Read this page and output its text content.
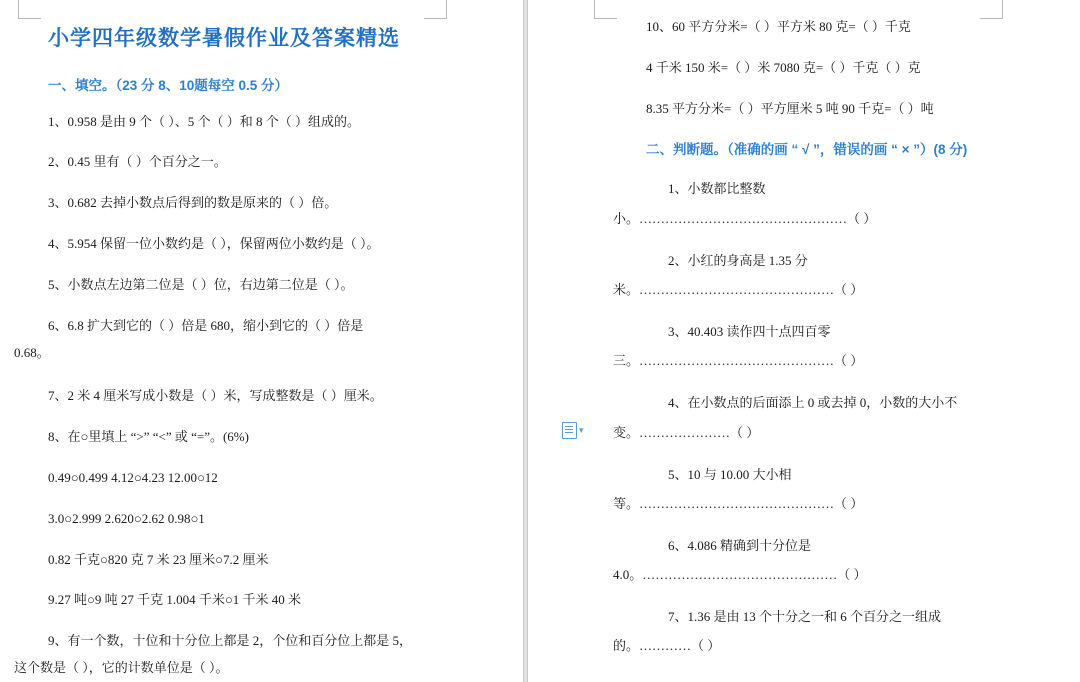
小学四年级数学暑假作业及答案精选
一、填空。（23 分 8、10题每空 0.5 分）
1、0.958 是由 9 个（ ）、5 个（ ）和 8 个（ ）组成的。
2、0.45 里有（ ）个百分之一。
3、0.682 去掉小数点后得到的数是原来的（ ）倍。
4、5.954 保留一位小数约是（ ），保留两位小数约是（ ）。
5、小数点左边第二位是（ ）位，右边第二位是（ ）。
6、6.8 扩大到它的（ ）倍是 680，缩小到它的（ ）倍是
0.68。
7、2 米 4 厘米写成小数是（ ）米，写成整数是（ ）厘米。
8、在○里填上 “>” “<” 或 “=”。(6%)
0.49○0.499 4.12○4.23 12.00○12
3.0○2.999 2.620○2.62 0.98○1
0.82 千克○820 克 7 米 23 厘米○7.2 厘米
9.27 吨○9 吨 27 千克 1.004 千米○1 千米 40 米
9、有一个数，十位和十分位上都是 2，个位和百分位上都是 5，
这个数是（ ），它的计数单位是（ ）。
10、60 平方分米=（ ）平方米 80 克=（ ）千克
4 千米 150 米=（ ）米 7080 克=（ ）千克（ ）克
8.35 平方分米=（ ）平方厘米 5 吨 90 千克=（ ）吨
二、判断题。（准确的画 “ √ ”，错误的画 “ × ”）(8 分)
1、小数都比整数
小。…………………………………………（ ）
2、小红的身高是 1.35 分
米。………………………………………（ ）
3、40.403 读作四十点四百零
三。………………………………………（ ）
4、在小数点的后面添上 0 或去掉 0，小数的大小不
变。…………………（ ）
5、10 与 10.00 大小相
等。………………………………………（ ）
6、4.086 精确到十分位是
4.0。………………………………………（ ）
7、1.36 是由 13 个十分之一和 6 个百分之一组成
的。…………（ ）
▾
